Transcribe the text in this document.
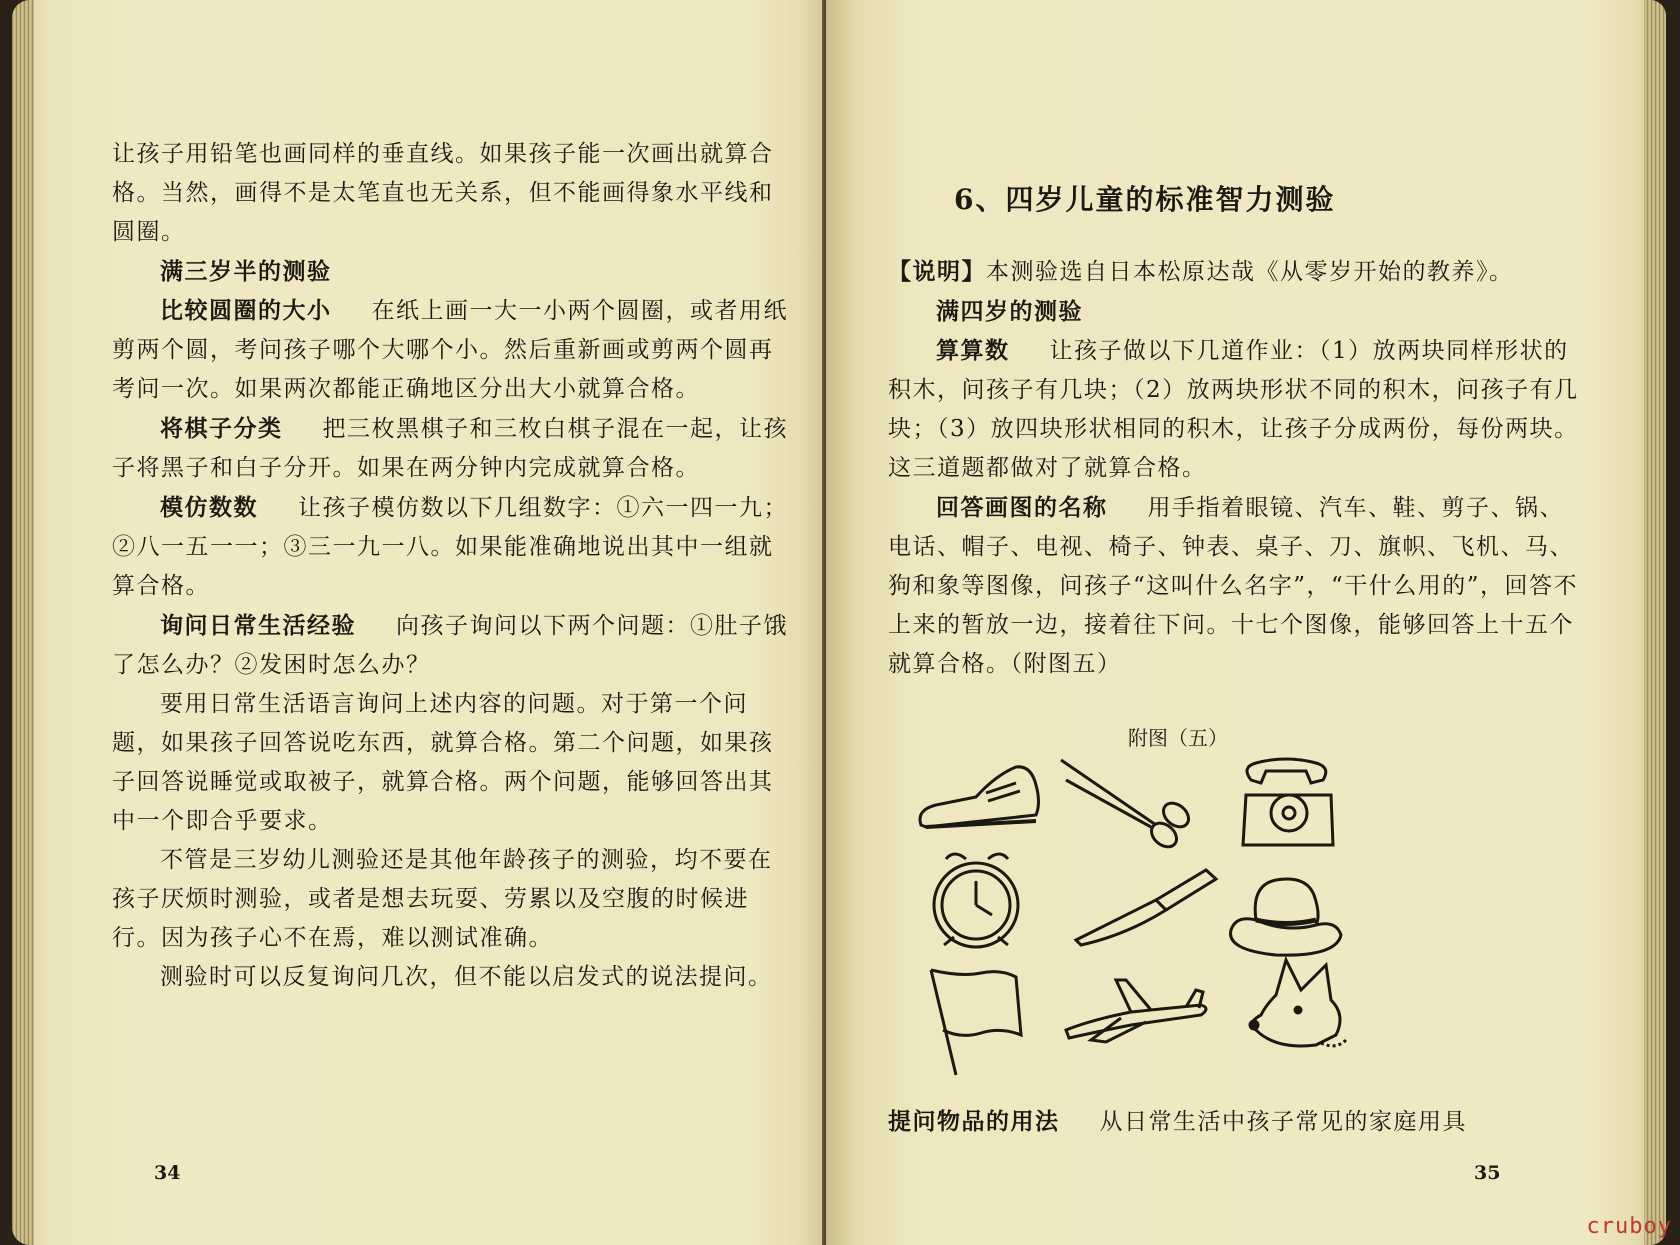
让孩子用铅笔也画同样的垂直线。如果孩子能一次画出就算合格。当然，画得不是太笔直也无关系，但不能画得象水平线和圆圈。

满三岁半的测验

比较圆圈的大小 在纸上画一大一小两个圆圈，或者用纸剪两个圆，考问孩子哪个大哪个小。然后重新画或剪两个圆再考问一次。如果两次都能正确地区分出大小就算合格。

将棋子分类 把三枚黑棋子和三枚白棋子混在一起，让孩子将黑子和白子分开。如果在两分钟内完成就算合格。

模仿数数 让孩子模仿数以下几组数字：①六一四一九；②八一五一一；③三一九一八。如果能准确地说出其中一组就算合格。

询问日常生活经验 向孩子询问以下两个问题：①肚子饿了怎么办？②发困时怎么办？

要用日常生活语言询问上述内容的问题。对于第一个问题，如果孩子回答说吃东西，就算合格。第二个问题，如果孩子回答说睡觉或取被子，就算合格。两个问题，能够回答出其中一个即合乎要求。

不管是三岁幼儿测验还是其他年龄孩子的测验，均不要在孩子厌烦时测验，或者是想去玩耍、劳累以及空腹的时候进行。因为孩子心不在焉，难以测试准确。

测验时可以反复询问几次，但不能以启发式的说法提问。

34
6、四岁儿童的标准智力测验

【说明】本测验选自日本松原达哉《从零岁开始的教养》。

满四岁的测验

算算数 让孩子做以下几道作业：（1）放两块同样形状的积木，问孩子有几块；（2）放两块形状不同的积木，问孩子有几块；（3）放四块形状相同的积木，让孩子分成两份，每份两块。这三道题都做对了就算合格。

回答画图的名称 用手指着眼镜、汽车、鞋、剪子、锅、电话、帽子、电视、椅子、钟表、桌子、刀、旗帜、飞机、马、狗和象等图像，问孩子“这叫什么名字”，“干什么用的”，回答不上来的暂放一边，接着往下问。十七个图像，能够回答上十五个就算合格。（附图五）

附图（五）
提问物品的用法 从日常生活中孩子常见的家庭用具
35
cruboy
